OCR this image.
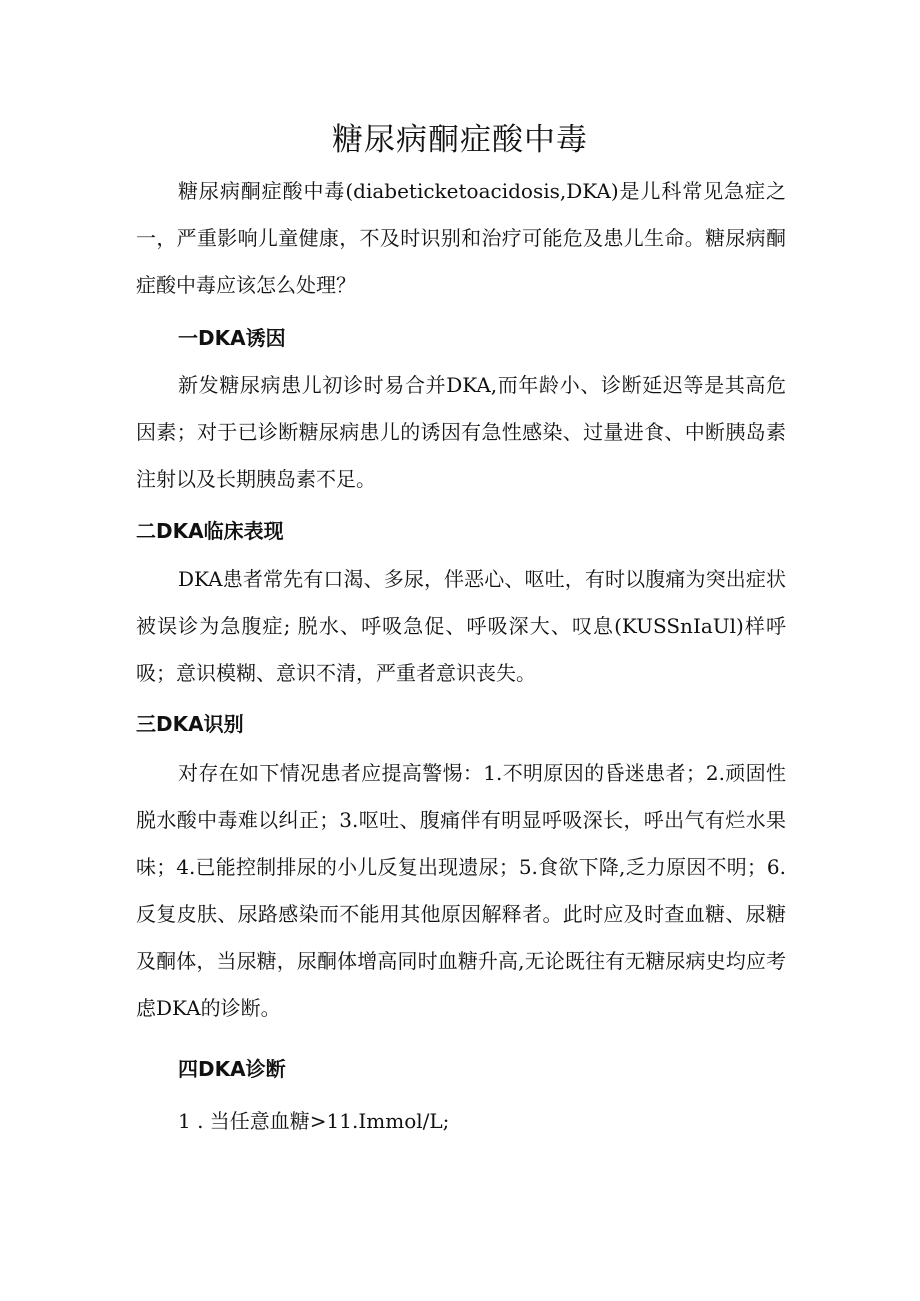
糖尿病酮症酸中毒

糖尿病酮症酸中毒(diabeticketoacidosis,DKA)是儿科常见急症之一，严重影响儿童健康，不及时识别和治疗可能危及患儿生命。糖尿病酮症酸中毒应该怎么处理？

一DKA诱因

新发糖尿病患儿初诊时易合并DKA,而年龄小、诊断延迟等是其高危因素；对于已诊断糖尿病患儿的诱因有急性感染、过量进食、中断胰岛素注射以及长期胰岛素不足。

二DKA临床表现

DKA患者常先有口渴、多尿，伴恶心、呕吐，有时以腹痛为突出症状被误诊为急腹症; 脱水、呼吸急促、呼吸深大、叹息(KUSSnIaUl)样呼吸；意识模糊、意识不清，严重者意识丧失。

三DKA识别

对存在如下情况患者应提高警惕：1.不明原因的昏迷患者；2.顽固性脱水酸中毒难以纠正；3.呕吐、腹痛伴有明显呼吸深长，呼出气有烂水果味；4.已能控制排尿的小儿反复出现遗尿；5.食欲下降,乏力原因不明；6.反复皮肤、尿路感染而不能用其他原因解释者。此时应及时查血糖、尿糖及酮体，当尿糖，尿酮体增高同时血糖升高,无论既往有无糖尿病史均应考虑DKA的诊断。

四DKA诊断

1 . 当任意血糖>11.Immol/L;
